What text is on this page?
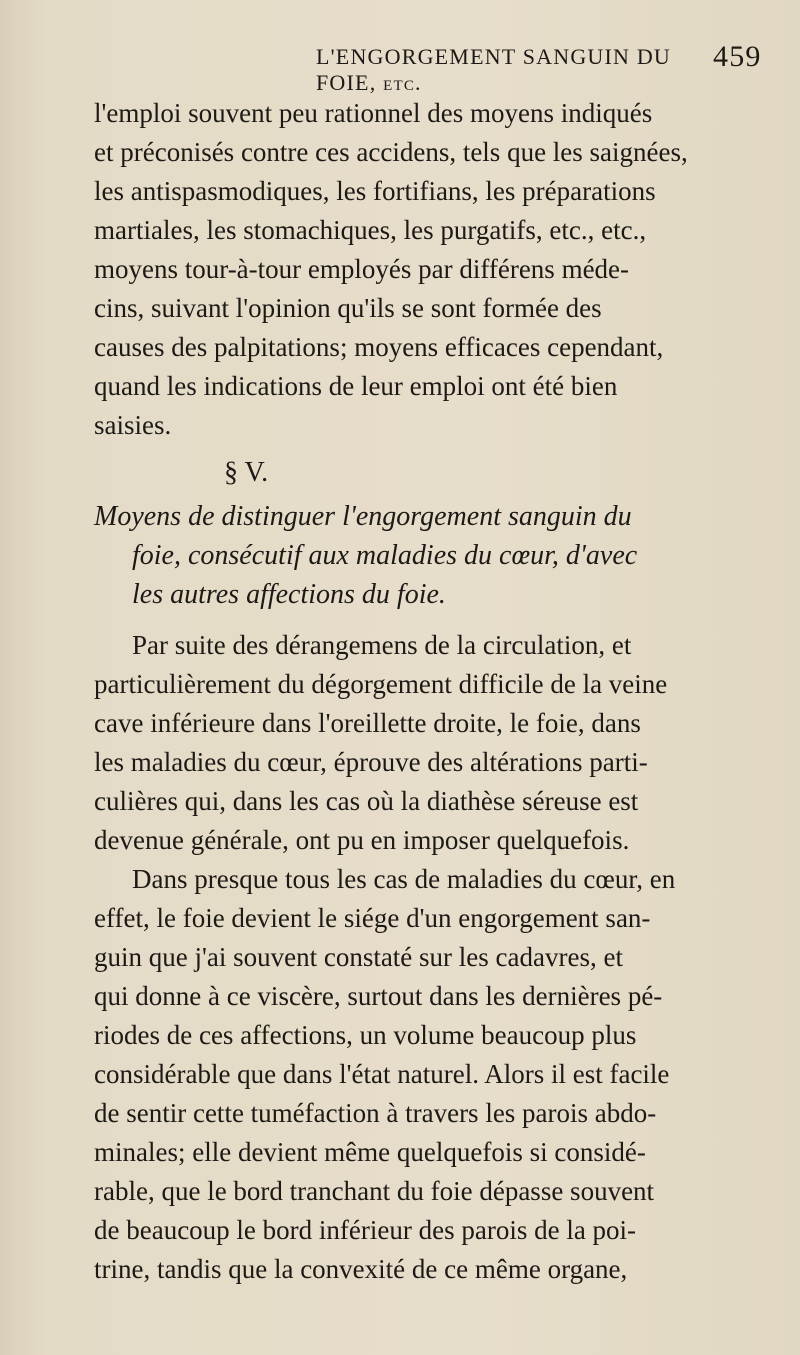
L'ENGORGEMENT SANGUIN DU FOIE, etc.
459

l'emploi souvent peu rationnel des moyens indiqués
et préconisés contre ces accidens, tels que les saignées,
les antispasmodiques, les fortifians, les préparations
martiales, les stomachiques, les purgatifs, etc., etc.,
moyens tour-à-tour employés par différens méde-
cins, suivant l'opinion qu'ils se sont formée des
causes des palpitations; moyens efficaces cependant,
quand les indications de leur emploi ont été bien
saisies.

§ V.

Moyens de distinguer l'engorgement sanguin du
foie, consécutif aux maladies du cœur, d'avec
les autres affections du foie.

Par suite des dérangemens de la circulation, et
particulièrement du dégorgement difficile de la veine
cave inférieure dans l'oreillette droite, le foie, dans
les maladies du cœur, éprouve des altérations parti-
culières qui, dans les cas où la diathèse séreuse est
devenue générale, ont pu en imposer quelquefois.

Dans presque tous les cas de maladies du cœur, en
effet, le foie devient le siége d'un engorgement san-
guin que j'ai souvent constaté sur les cadavres, et
qui donne à ce viscère, surtout dans les dernières pé-
riodes de ces affections, un volume beaucoup plus
considérable que dans l'état naturel. Alors il est facile
de sentir cette tuméfaction à travers les parois abdo-
minales; elle devient même quelquefois si considé-
rable, que le bord tranchant du foie dépasse souvent
de beaucoup le bord inférieur des parois de la poi-
trine, tandis que la convexité de ce même organe,
